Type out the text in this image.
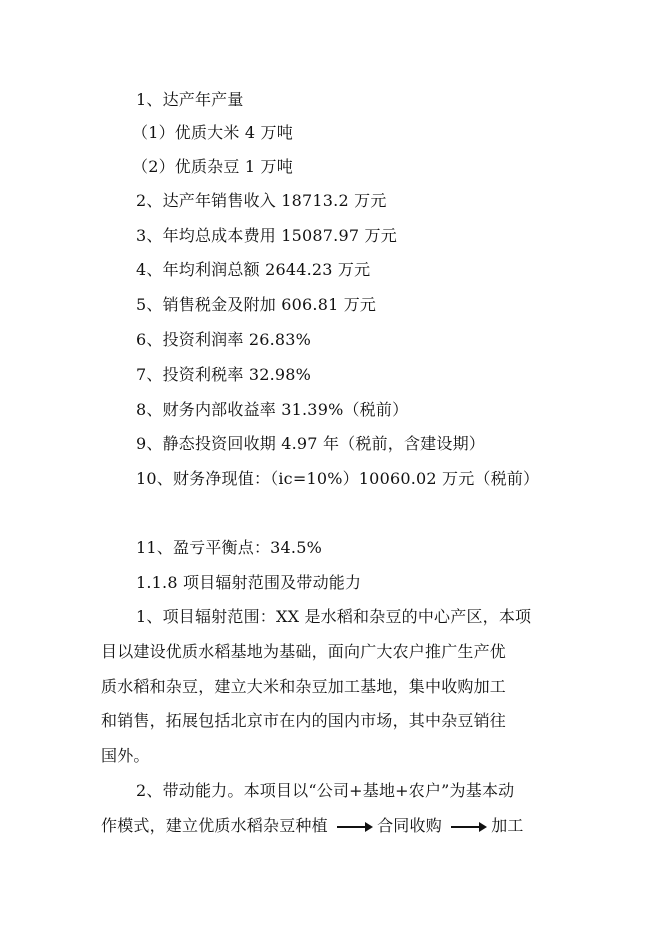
1、达产年产量
（1）优质大米 4 万吨
（2）优质杂豆 1 万吨
2、达产年销售收入 18713.2 万元
3、年均总成本费用 15087.97 万元
4、年均利润总额 2644.23 万元
5、销售税金及附加 606.81 万元
6、投资利润率 26.83%
7、投资利税率 32.98%
8、财务内部收益率 31.39%（税前）
9、静态投资回收期 4.97 年（税前，含建设期）
10、财务净现值：（ic=10%）10060.02 万元（税前）
11、盈亏平衡点：34.5%
1.1.8 项目辐射范围及带动能力
1、项目辐射范围：XX 是水稻和杂豆的中心产区，本项
目以建设优质水稻基地为基础，面向广大农户推广生产优
质水稻和杂豆，建立大米和杂豆加工基地，集中收购加工
和销售，拓展包括北京市在内的国内市场，其中杂豆销往
国外。
2、带动能力。本项目以“公司+基地+农户”为基本动
作模式，建立优质水稻杂豆种植	合同收购	加工
